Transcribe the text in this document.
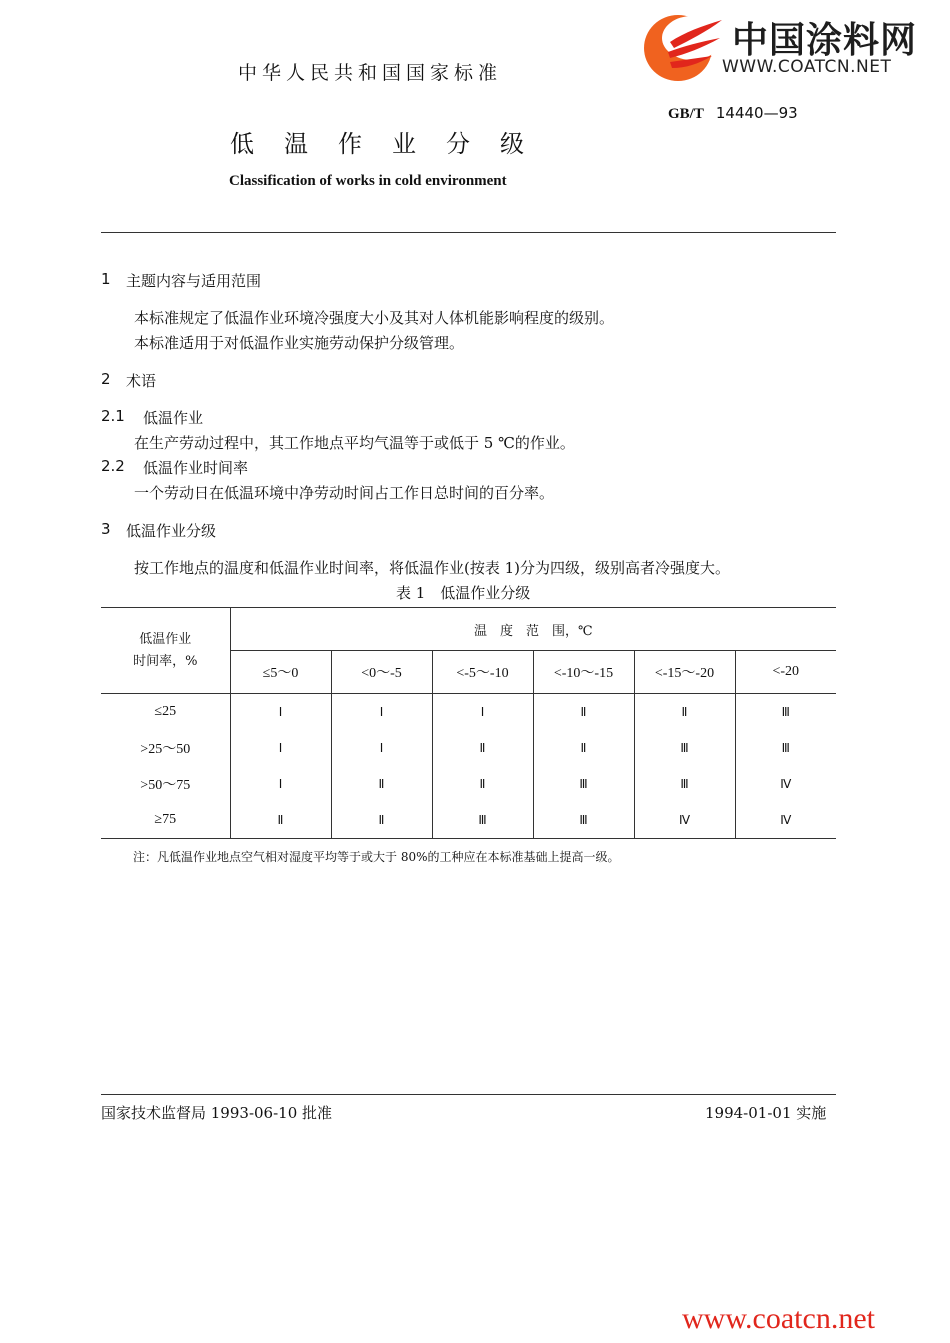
中国涂料网
WWW.COATCN.NET
中华人民共和国国家标准
GB/T 14440—93
低温作业分级
Classification of works in cold environment
1 主题内容与适用范围
本标准规定了低温作业环境冷强度大小及其对人体机能影响程度的级别。
本标准适用于对低温作业实施劳动保护分级管理。
2 术语
2.1 低温作业
在生产劳动过程中，其工作地点平均气温等于或低于 5 ℃的作业。
2.2 低温作业时间率
一个劳动日在低温环境中净劳动时间占工作日总时间的百分率。
3 低温作业分级
按工作地点的温度和低温作业时间率，将低温作业(按表 1)分为四级，级别高者冷强度大。
表 1　低温作业分级
低温作业
时间率，%	温　度　范　围，℃					
	≤5～0	<0～-5	<-5～-10	<-10～-15	<-15～-20	<-20
≤25	Ⅰ	Ⅰ	Ⅰ	Ⅱ	Ⅱ	Ⅲ
>25～50	Ⅰ	Ⅰ	Ⅱ	Ⅱ	Ⅲ	Ⅲ
>50～75	Ⅰ	Ⅱ	Ⅱ	Ⅲ	Ⅲ	Ⅳ
≥75	Ⅱ	Ⅱ	Ⅲ	Ⅲ	Ⅳ	Ⅳ
注：凡低温作业地点空气相对湿度平均等于或大于 80%的工种应在本标准基础上提高一级。
国家技术监督局 1993-06-10 批准	1994-01-01 实施
www.coatcn.net
